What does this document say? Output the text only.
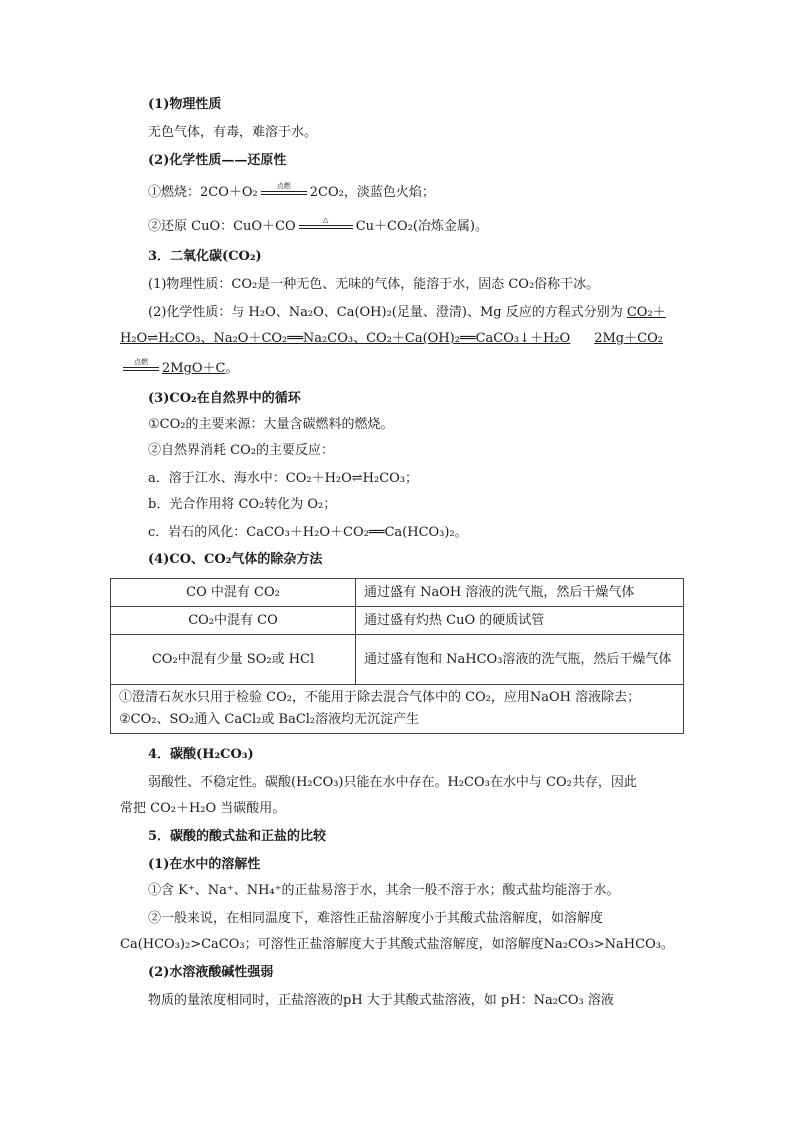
(1)物理性质
无色气体，有毒，难溶于水。
(2)化学性质——还原性
①燃烧：2CO＋O₂	点燃	2CO₂，淡蓝色火焰；
②还原 CuO：CuO＋CO	△	Cu＋CO₂(冶炼金属)。
3．二氧化碳(CO₂)
(1)物理性质：CO₂是一种无色、无味的气体，能溶于水，固态 CO₂俗称干冰。
(2)化学性质：与 H₂O、Na₂O、Ca(OH)₂(足量、澄清)、Mg 反应的方程式分别为 CO₂＋
H₂O⇌H₂CO₃、Na₂O＋CO₂══Na₂CO₃、CO₂＋Ca(OH)₂══CaCO₃↓＋H₂O 2Mg＋CO₂
点燃	2MgO＋C。
(3)CO₂在自然界中的循环
①CO₂的主要来源：大量含碳燃料的燃烧。
②自然界消耗 CO₂的主要反应：
a．溶于江水、海水中：CO₂＋H₂O⇌H₂CO₃；
b．光合作用将 CO₂转化为 O₂；
c．岩石的风化：CaCO₃＋H₂O＋CO₂══Ca(HCO₃)₂。
(4)CO、CO₂气体的除杂方法
CO 中混有 CO₂	通过盛有 NaOH 溶液的洗气瓶，然后干燥气体
CO₂中混有 CO	通过盛有灼热 CuO 的硬质试管
CO₂中混有少量 SO₂或 HCl	通过盛有饱和 NaHCO₃溶液的洗气瓶，然后干燥气体

①澄清石灰水只用于检验 CO₂，不能用于除去混合气体中的 CO₂，应用NaOH 溶液除去；
②CO₂、SO₂通入 CaCl₂或 BaCl₂溶液均无沉淀产生	
4．碳酸(H₂CO₃)
弱酸性、不稳定性。碳酸(H₂CO₃)只能在水中存在。H₂CO₃在水中与 CO₂共存，因此
常把 CO₂＋H₂O 当碳酸用。
5．碳酸的酸式盐和正盐的比较
(1)在水中的溶解性
①含 K⁺、Na⁺、NH₄⁺的正盐易溶于水，其余一般不溶于水；酸式盐均能溶于水。
②一般来说，在相同温度下，难溶性正盐溶解度小于其酸式盐溶解度，如溶解度
Ca(HCO₃)₂>CaCO₃；可溶性正盐溶解度大于其酸式盐溶解度，如溶解度Na₂CO₃>NaHCO₃。
(2)水溶液酸碱性强弱
物质的量浓度相同时，正盐溶液的pH 大于其酸式盐溶液，如 pH：Na₂CO₃ 溶液
